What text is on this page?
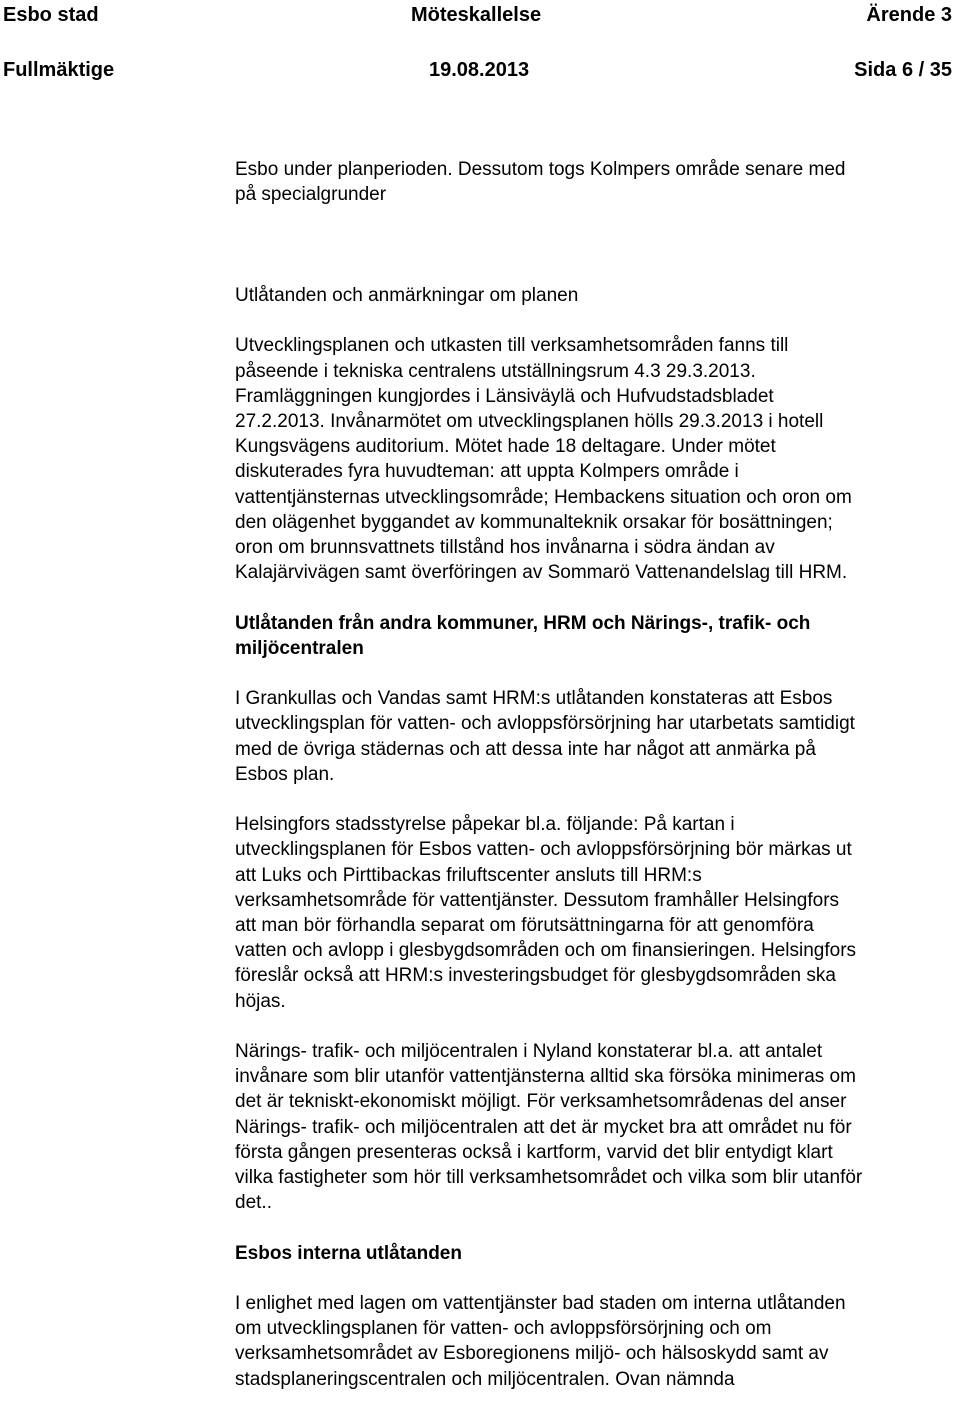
Esbo stad	Möteskallelse	Ärende 3
Fullmäktige	19.08.2013	Sida 6 / 35

Esbo under planperioden. Dessutom togs Kolmpers område senare med

på specialgrunder

Utlåtanden och anmärkningar om planen

Utvecklingsplanen och utkasten till verksamhetsområden fanns till

påseende i tekniska centralens utställningsrum 4.3 29.3.2013.

Framläggningen kungjordes i Länsiväylä och Hufvudstadsbladet

27.2.2013. Invånarmötet om utvecklingsplanen hölls 29.3.2013 i hotell

Kungsvägens auditorium. Mötet hade 18 deltagare. Under mötet

diskuterades fyra huvudteman: att uppta Kolmpers område i

vattentjänsternas utvecklingsområde; Hembackens situation och oron om

den olägenhet byggandet av kommunalteknik orsakar för bosättningen;

oron om brunnsvattnets tillstånd hos invånarna i södra ändan av

Kalajärvivägen samt överföringen av Sommarö Vattenandelslag till HRM.

Utlåtanden från andra kommuner, HRM och Närings-, trafik- och
miljöcentralen

I Grankullas och Vandas samt HRM:s utlåtanden konstateras att Esbos

utvecklingsplan för vatten- och avloppsförsörjning har utarbetats samtidigt

med de övriga städernas och att dessa inte har något att anmärka på

Esbos plan.

Helsingfors stadsstyrelse påpekar bl.a. följande: På kartan i

utvecklingsplanen för Esbos vatten- och avloppsförsörjning bör märkas ut

att Luks och Pirttibackas friluftscenter ansluts till HRM:s

verksamhetsområde för vattentjänster. Dessutom framhåller Helsingfors

att man bör förhandla separat om förutsättningarna för att genomföra

vatten och avlopp i glesbygdsområden och om finansieringen. Helsingfors

föreslår också att HRM:s investeringsbudget för glesbygdsområden ska

höjas.

Närings- trafik- och miljöcentralen i Nyland konstaterar bl.a. att antalet

invånare som blir utanför vattentjänsterna alltid ska försöka minimeras om

det är tekniskt-ekonomiskt möjligt. För verksamhetsområdenas del anser

Närings- trafik- och miljöcentralen att det är mycket bra att området nu för

första gången presenteras också i kartform, varvid det blir entydigt klart

vilka fastigheter som hör till verksamhetsområdet och vilka som blir utanför

det..

Esbos interna utlåtanden

I enlighet med lagen om vattentjänster bad staden om interna utlåtanden

om utvecklingsplanen för vatten- och avloppsförsörjning och om

verksamhetsområdet av Esboregionens miljö- och hälsoskydd samt av

stadsplaneringscentralen och miljöcentralen. Ovan nämnda
